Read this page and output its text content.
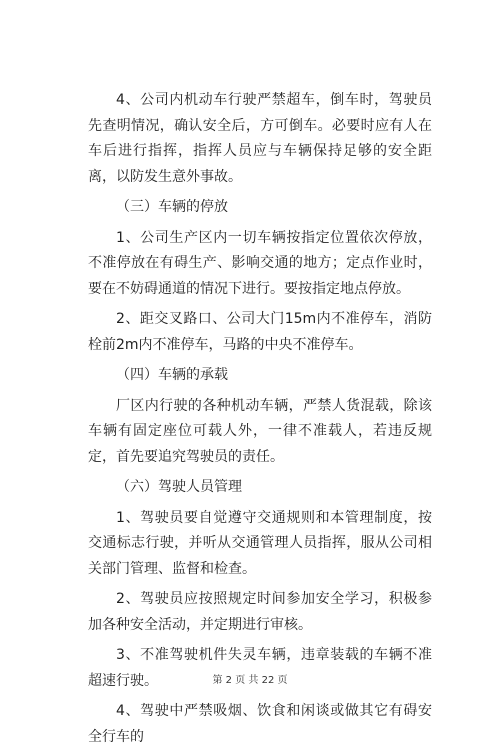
4、公司内机动车行驶严禁超车，倒车时，驾驶员先查明情况，确认安全后，方可倒车。必要时应有人在车后进行指挥，指挥人员应与车辆保持足够的安全距离，以防发生意外事故。

（三）车辆的停放

1、公司生产区内一切车辆按指定位置依次停放，不准停放在有碍生产、影响交通的地方；定点作业时，要在不妨碍通道的情况下进行。要按指定地点停放。

2、距交叉路口、公司大门15m内不准停车，消防栓前2m内不准停车，马路的中央不准停车。

（四）车辆的承载

厂区内行驶的各种机动车辆，严禁人货混载，除该车辆有固定座位可载人外，一律不准载人，若违反规定，首先要追究驾驶员的责任。

（六）驾驶人员管理

1、驾驶员要自觉遵守交通规则和本管理制度，按交通标志行驶，并听从交通管理人员指挥，服从公司相关部门管理、监督和检查。

2、驾驶员应按照规定时间参加安全学习，积极参加各种安全活动，并定期进行审核。

3、不准驾驶机件失灵车辆，违章装载的车辆不准超速行驶。

4、驾驶中严禁吸烟、饮食和闲谈或做其它有碍安全行车的

第 2 页 共 22 页
